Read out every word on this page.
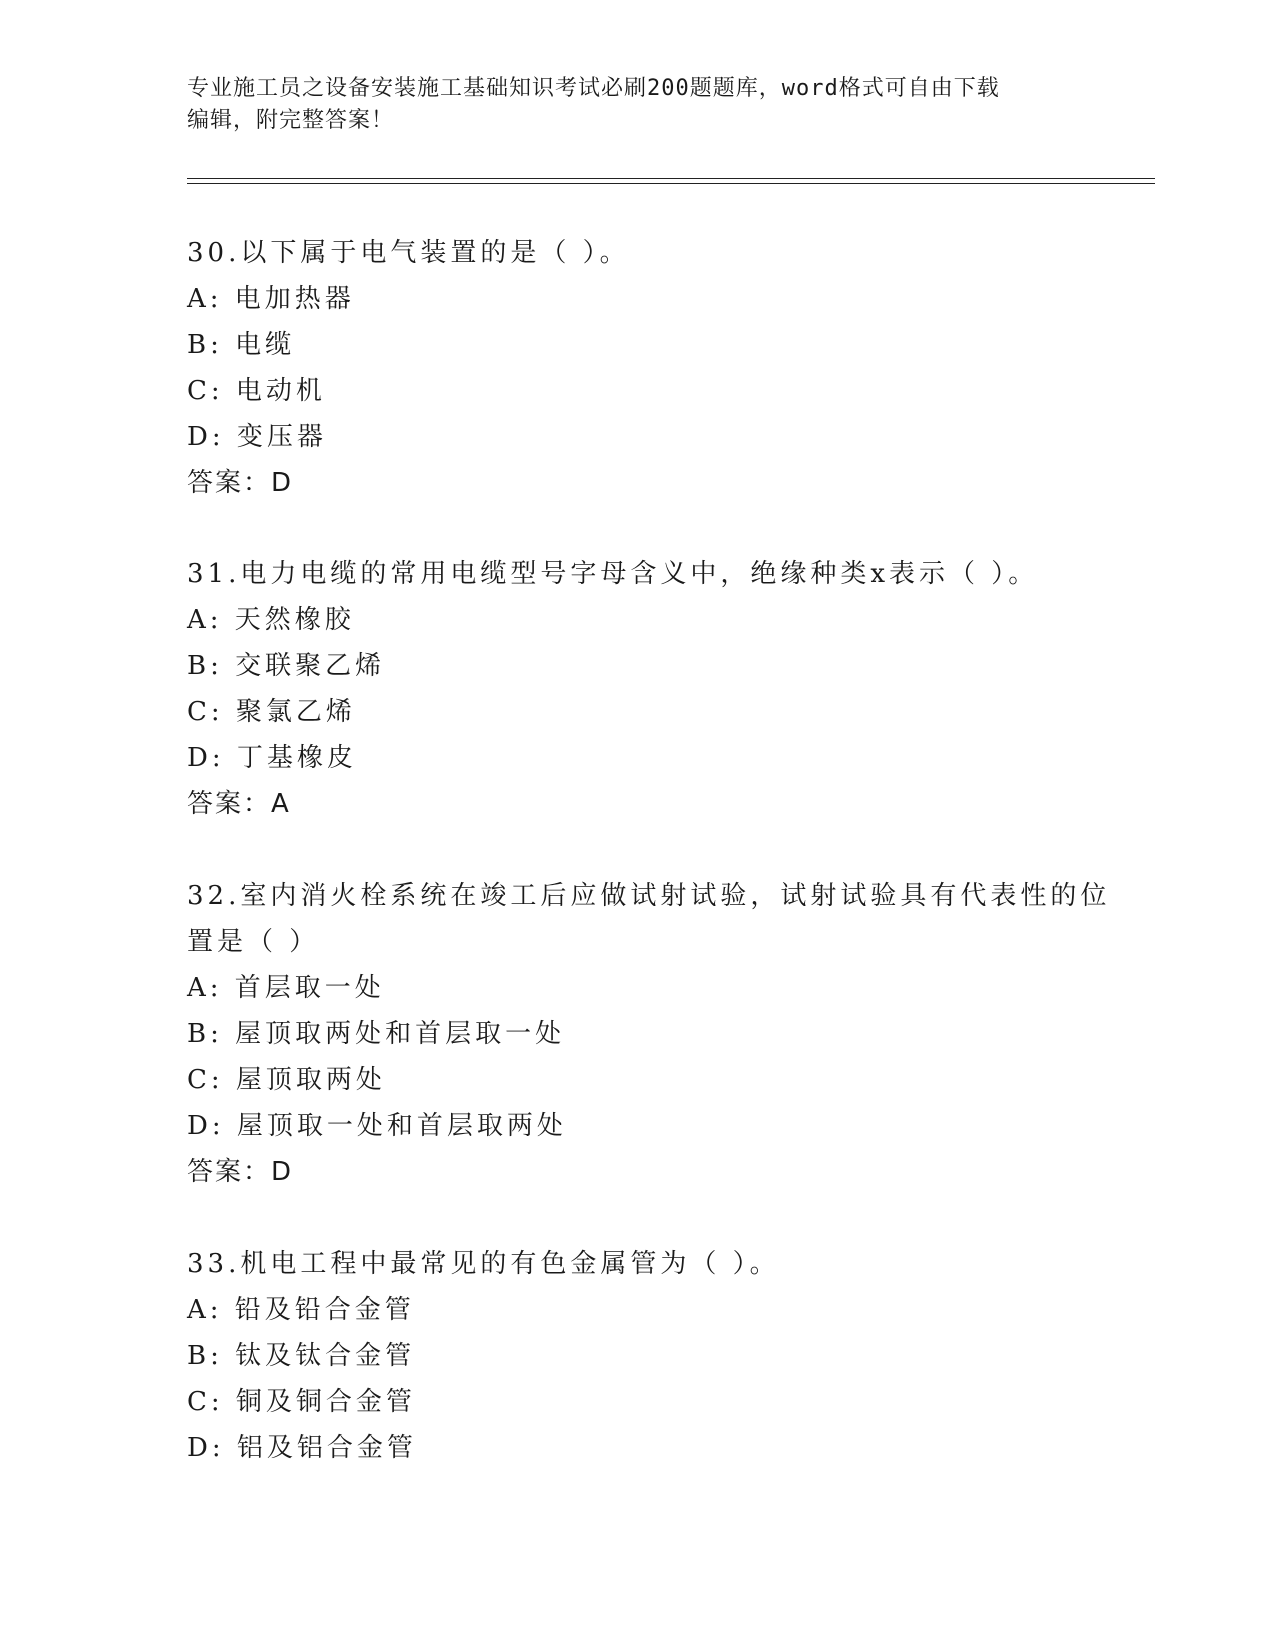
专业施工员之设备安装施工基础知识考试必刷200题题库，word格式可自由下载
编辑，附完整答案！
30.以下属于电气装置的是（ ）。
A: 电加热器
B: 电缆
C: 电动机
D: 变压器
答案：D
31.电力电缆的常用电缆型号字母含义中，绝缘种类x表示（ ）。
A: 天然橡胶
B: 交联聚乙烯
C: 聚氯乙烯
D: 丁基橡皮
答案：A
32.室内消火栓系统在竣工后应做试射试验，试射试验具有代表性的位
置是（ ）
A: 首层取一处
B: 屋顶取两处和首层取一处
C: 屋顶取两处
D: 屋顶取一处和首层取两处
答案：D
33.机电工程中最常见的有色金属管为（ ）。
A: 铅及铅合金管
B: 钛及钛合金管
C: 铜及铜合金管
D: 铝及铝合金管
